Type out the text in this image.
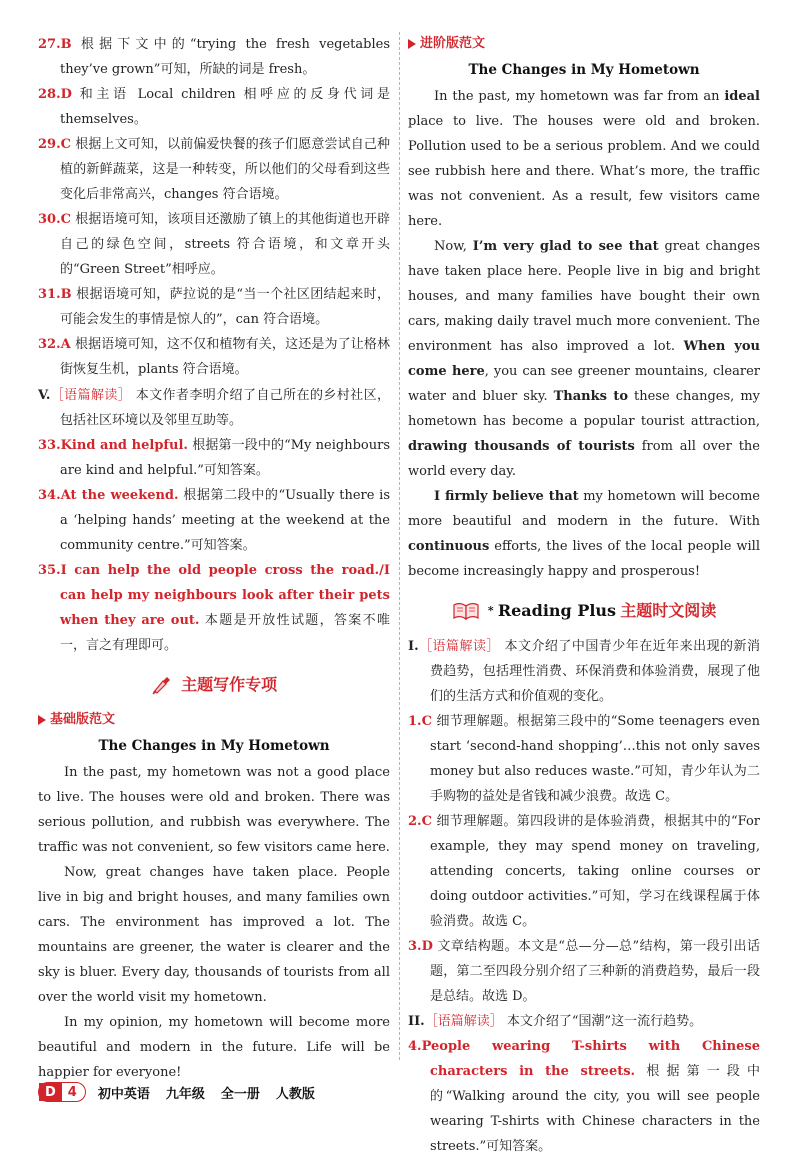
27.B 根据下文中的“trying the fresh vegetables they’ve grown”可知，所缺的词是 fresh。

28.D 和主语 Local children 相呼应的反身代词是 themselves。

29.C 根据上文可知，以前偏爱快餐的孩子们愿意尝试自己种植的新鲜蔬菜，这是一种转变，所以他们的父母看到这些变化后非常高兴，changes 符合语境。

30.C 根据语境可知，该项目还激励了镇上的其他街道也开辟自己的绿色空间，streets 符合语境，和文章开头的“Green Street”相呼应。

31.B 根据语境可知，萨拉说的是“当一个社区团结起来时，可能会发生的事情是惊人的”，can 符合语境。

32.A 根据语境可知，这不仅和植物有关，这还是为了让格林街恢复生机，plants 符合语境。

V.［语篇解读］ 本文作者李明介绍了自己所在的乡村社区，包括社区环境以及邻里互助等。

33.Kind and helpful. 根据第一段中的“My neighbours are kind and helpful.”可知答案。

34.At the weekend. 根据第二段中的“Usually there is a ‘helping hands’ meeting at the weekend at the community centre.”可知答案。

35.I can help the old people cross the road./I can help my neighbours look after their pets when they are out. 本题是开放性试题，答案不唯一，言之有理即可。

主题写作专项
基础版范文
The Changes in My Hometown

In the past, my hometown was not a good place to live. The houses were old and broken. There was serious pollution, and rubbish was everywhere. The traffic was not convenient, so few visitors came here.

Now, great changes have taken place. People live in big and bright houses, and many families own cars. The environment has improved a lot. The mountains are greener, the water is clearer and the sky is bluer. Every day, thousands of tourists from all over the world visit my hometown.

In my opinion, my hometown will become more beautiful and modern in the future. Life will be happier for everyone!

进阶版范文
The Changes in My Hometown

In the past, my hometown was far from an ideal place to live. The houses were old and broken. Pollution used to be a serious problem. And we could see rubbish here and there. What’s more, the traffic was not convenient. As a result, few visitors came here.

Now, I’m very glad to see that great changes have taken place here. People live in big and bright houses, and many families have bought their own cars, making daily travel much more convenient. The environment has also improved a lot. When you come here, you can see greener mountains, clearer water and bluer sky. Thanks to these changes, my hometown has become a popular tourist attraction, drawing thousands of tourists from all over the world every day.

I firmly believe that my hometown will become more beautiful and modern in the future. With continuous efforts, the lives of the local people will become increasingly happy and prosperous!

* Reading Plus 主题时文阅读

I.［语篇解读］ 本文介绍了中国青少年在近年来出现的新消费趋势，包括理性消费、环保消费和体验消费，展现了他们的生活方式和价值观的变化。

1.C 细节理解题。根据第三段中的“Some teenagers even start ‘second-hand shopping’…this not only saves money but also reduces waste.”可知，青少年认为二手购物的益处是省钱和减少浪费。故选 C。

2.C 细节理解题。第四段讲的是体验消费，根据其中的“For example, they may spend money on traveling, attending concerts, taking online courses or doing outdoor activities.”可知，学习在线课程属于体验消费。故选 C。

3.D 文章结构题。本文是“总—分—总”结构，第一段引出话题，第二至四段分别介绍了三种新的消费趋势，最后一段是总结。故选 D。

II.［语篇解读］ 本文介绍了“国潮”这一流行趋势。

4.People wearing T-shirts with Chinese characters in the streets. 根据第一段中的“Walking around the city, you will see people wearing T-shirts with Chinese characters in the streets.”可知答案。

D 4	初中英语 九年级 全一册 人教版
